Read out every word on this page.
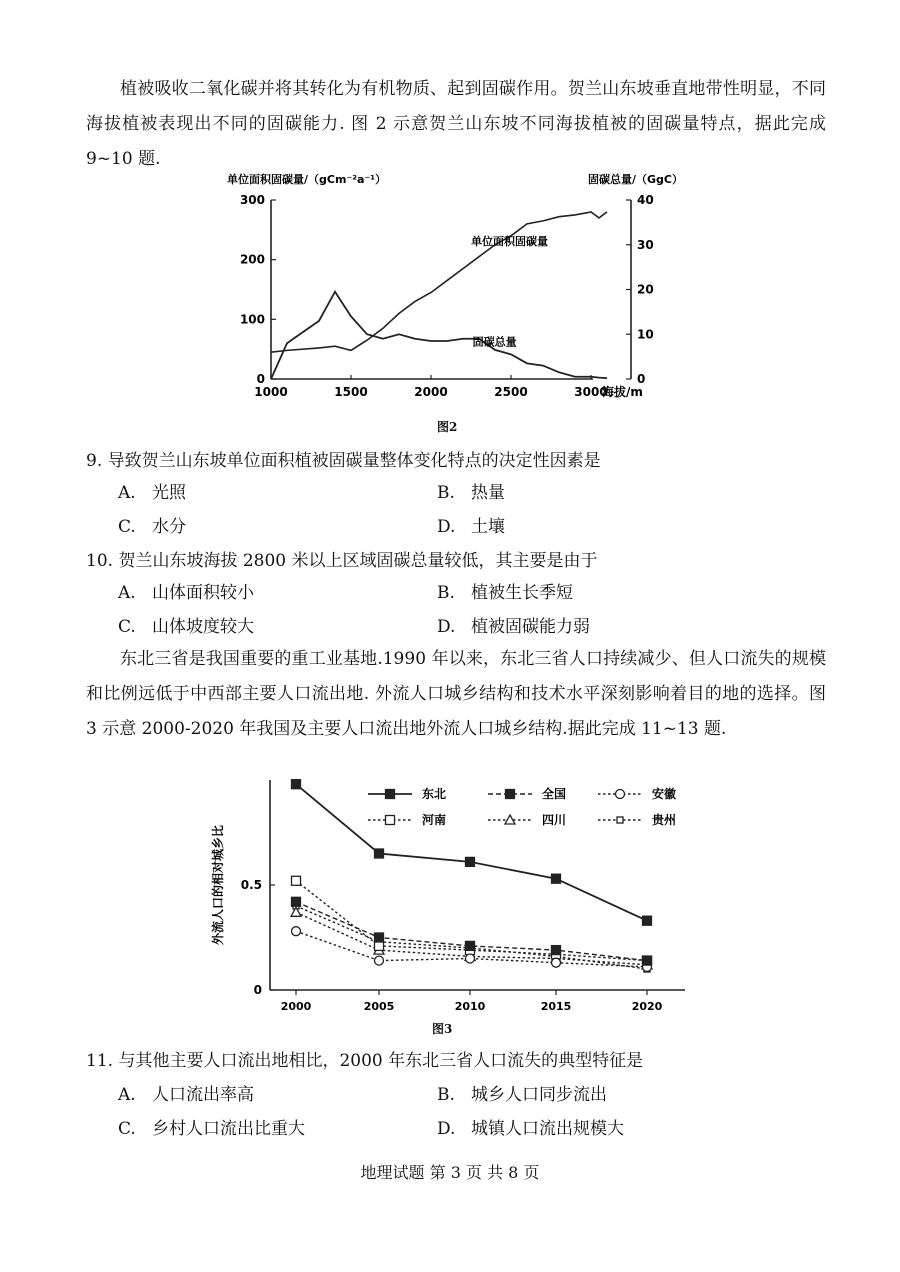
植被吸收二氧化碳并将其转化为有机物质、起到固碳作用。贺兰山东坡垂直地带性明显，不同海拔植被表现出不同的固碳能力. 图 2 示意贺兰山东坡不同海拔植被的固碳量特点，据此完成 9~10 题.

单位面积固碳量/（gCm⁻²a⁻¹）	固碳总量/（GgC）
0
100
200
300
0
10
20
30
40
1000	1500	2000	2500	3000
海拔/m
单位面积固碳量
固碳总量
图2

9. 导致贺兰山东坡单位面积植被固碳量整体变化特点的决定性因素是

A. 光照	B. 热量

C. 水分	D. 土壤

10. 贺兰山东坡海拔 2800 米以上区域固碳总量较低，其主要是由于

A. 山体面积较小	B. 植被生长季短

C. 山体坡度较大	D. 植被固碳能力弱

东北三省是我国重要的重工业基地.1990 年以来，东北三省人口持续减少、但人口流失的规模和比例远低于中西部主要人口流出地. 外流人口城乡结构和技术水平深刻影响着目的地的选择。图 3 示意 2000-2020 年我国及主要人口流出地外流人口城乡结构.据此完成 11~13 题.

外流人口的相对城乡比
0
0.5
2000	2005	2010	2015	2020
东北	全国	安徽
河南	四川	贵州
图3

11. 与其他主要人口流出地相比，2000 年东北三省人口流失的典型特征是

A. 人口流出率高	B. 城乡人口同步流出

C. 乡村人口流出比重大	D. 城镇人口流出规模大

地理试题 第 3 页 共 8 页
